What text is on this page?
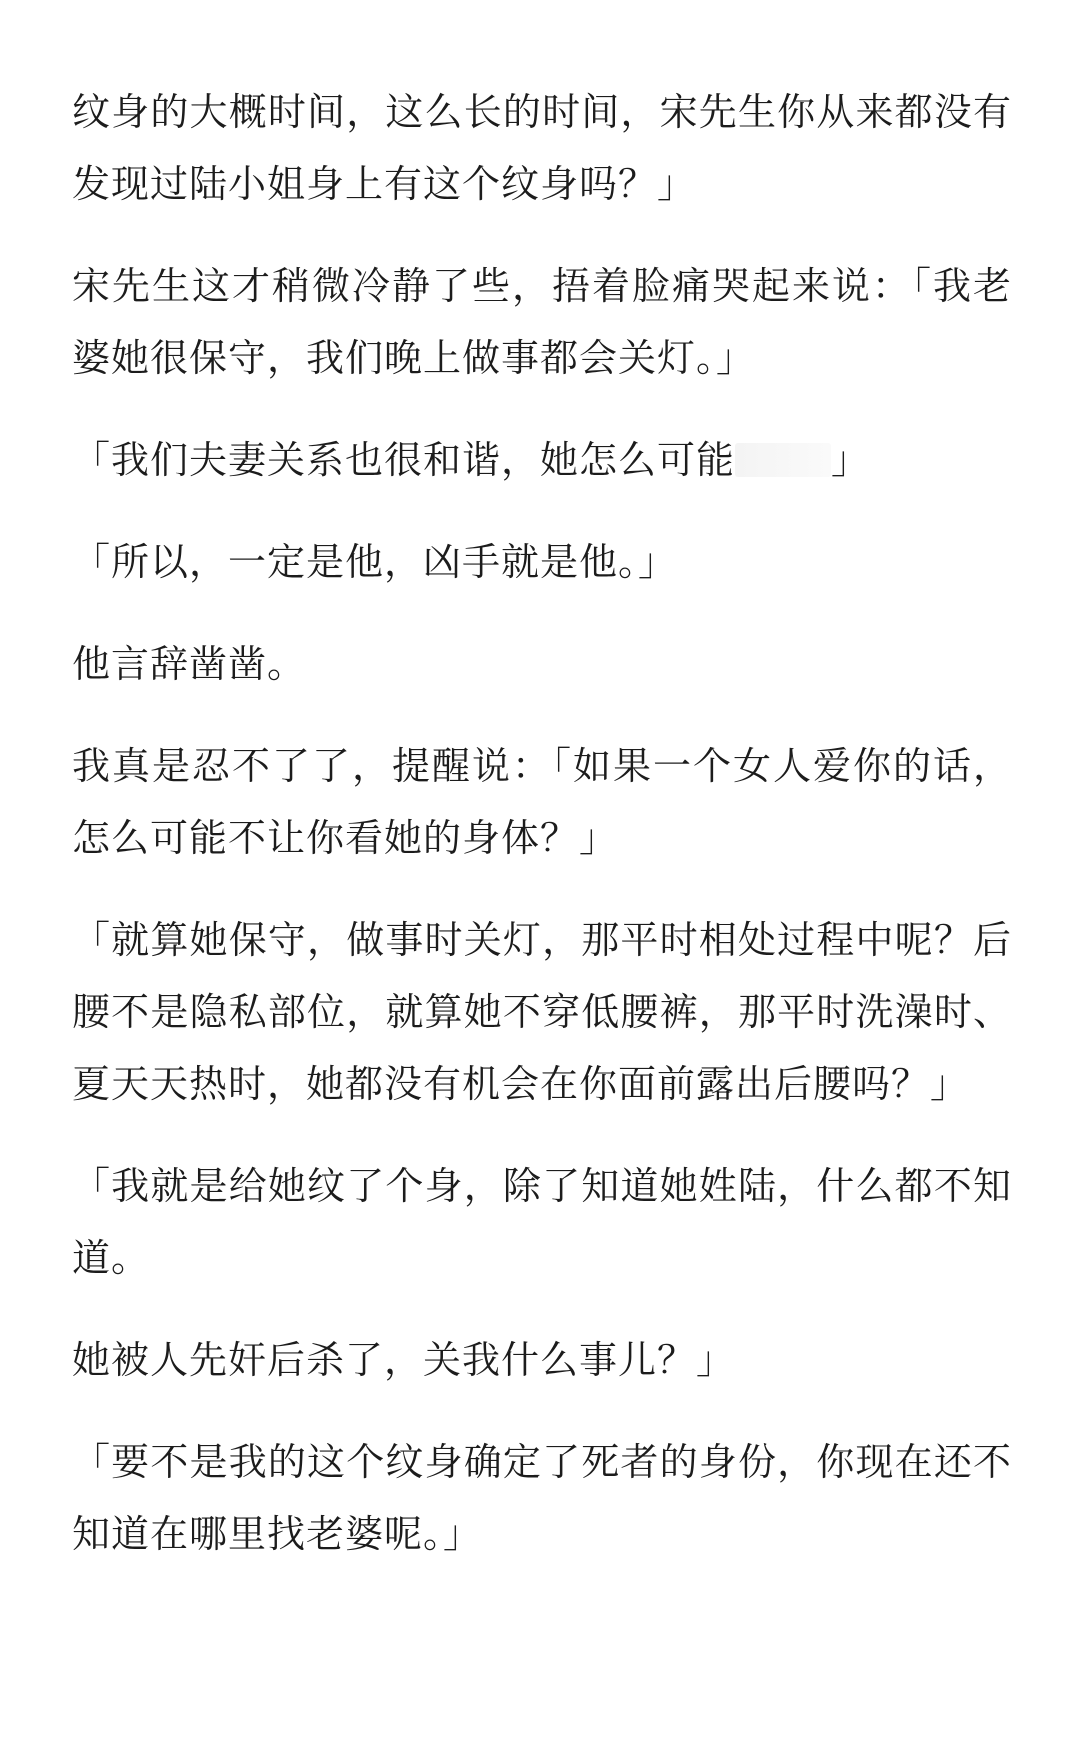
纹身的大概时间，这么长的时间，宋先生你从来都没有发现过陆小姐身上有这个纹身吗？」

宋先生这才稍微冷静了些，捂着脸痛哭起来说：「我老婆她很保守，我们晚上做事都会关灯。」

「我们夫妻关系也很和谐，她怎么可能	」

「所以，一定是他，凶手就是他。」

他言辞凿凿。

我真是忍不了了，提醒说：「如果一个女人爱你的话，怎么可能不让你看她的身体？」

「就算她保守，做事时关灯，那平时相处过程中呢？后腰不是隐私部位，就算她不穿低腰裤，那平时洗澡时、夏天天热时，她都没有机会在你面前露出后腰吗？」

「我就是给她纹了个身，除了知道她姓陆，什么都不知道。

她被人先奸后杀了，关我什么事儿？」

「要不是我的这个纹身确定了死者的身份，你现在还不知道在哪里找老婆呢。」
